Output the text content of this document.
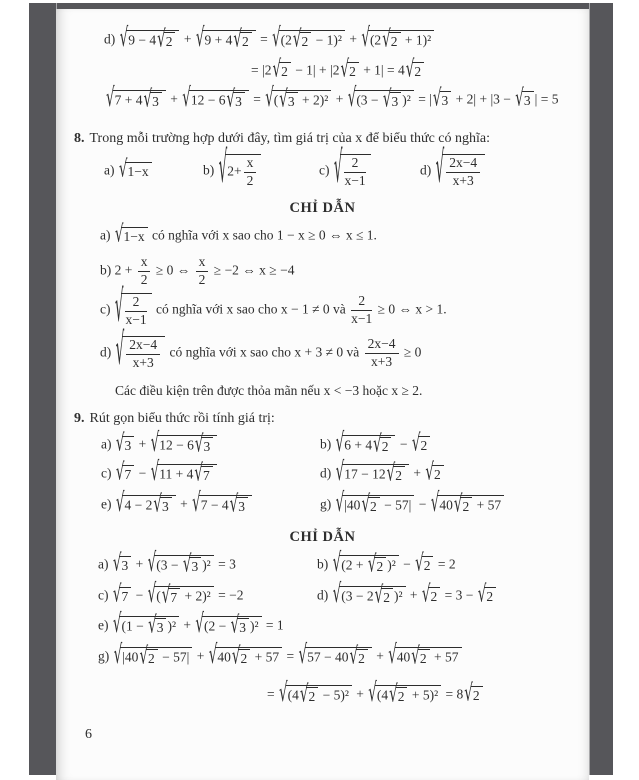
d) √ 9 − 4 √ 2 + √ 9 + 4 √ 2 = √ (2 √ 2 − 1)² + √ (2 √ 2 + 1)²
= |2 √ 2 − 1| + |2 √ 2 + 1| = 4 √ 2
√ 7 + 4 √ 3 + √ 12 − 6 √ 3 = √ ( √ 3 + 2)² + √ (3 − √ 3 )² = | √ 3 + 2| + |3 − √ 3 | = 5
8. Trong mỗi trường hợp dưới đây, tìm giá trị của x để biểu thức có nghĩa:
a) √ 1−x	b) √ $2+ \frac{x}{2}$	c) √ $\frac{2}{x-1}$	d) √ $\frac{2x-4}{x+3}$
CHỈ DẪN
a) √ 1−x có nghĩa với x sao cho 1 − x ≥ 0 ⇔ x ≤ 1.
b) $2 + \frac{x}{2} \ge 0$ ⇔ $\frac{x}{2} \ge -2$ ⇔ x ≥ −4
c) √ $\frac{2}{x-1}$ có nghĩa với x sao cho x − 1 ≠ 0 và $\frac{2}{x-1} \ge 0$ ⇔ x > 1.
d) √ $\frac{2x-4}{x+3}$ có nghĩa với x sao cho x + 3 ≠ 0 và $\frac{2x-4}{x+3} \ge 0$
Các điều kiện trên được thỏa mãn nếu x < −3 hoặc x ≥ 2.
9. Rút gọn biểu thức rồi tính giá trị:
a) √ 3 + √ 12 − 6 √ 3	b) √ 6 + 4 √ 2 − √ 2
c) √ 7 − √ 11 + 4 √ 7	d) √ 17 − 12 √ 2 + √ 2
e) √ 4 − 2 √ 3 + √ 7 − 4 √ 3	g) √ |40 √ 2 − 57| − √ 40 √ 2 + 57
CHỈ DẪN
a) √ 3 + √ (3 − √ 3 )² = 3	b) √ (2 + √ 2 )² − √ 2 = 2
c) √ 7 − √ ( √ 7 + 2)² = −2	d) √ (3 − 2 √ 2 )² + √ 2 = 3 − √ 2
e) √ (1 − √ 3 )² + √ (2 − √ 3 )² = 1
g) √ |40 √ 2 − 57| + √ 40 √ 2 + 57 = √ 57 − 40 √ 2 + √ 40 √ 2 + 57
= √ (4 √ 2 − 5)² + √ (4 √ 2 + 5)² = 8 √ 2
6
